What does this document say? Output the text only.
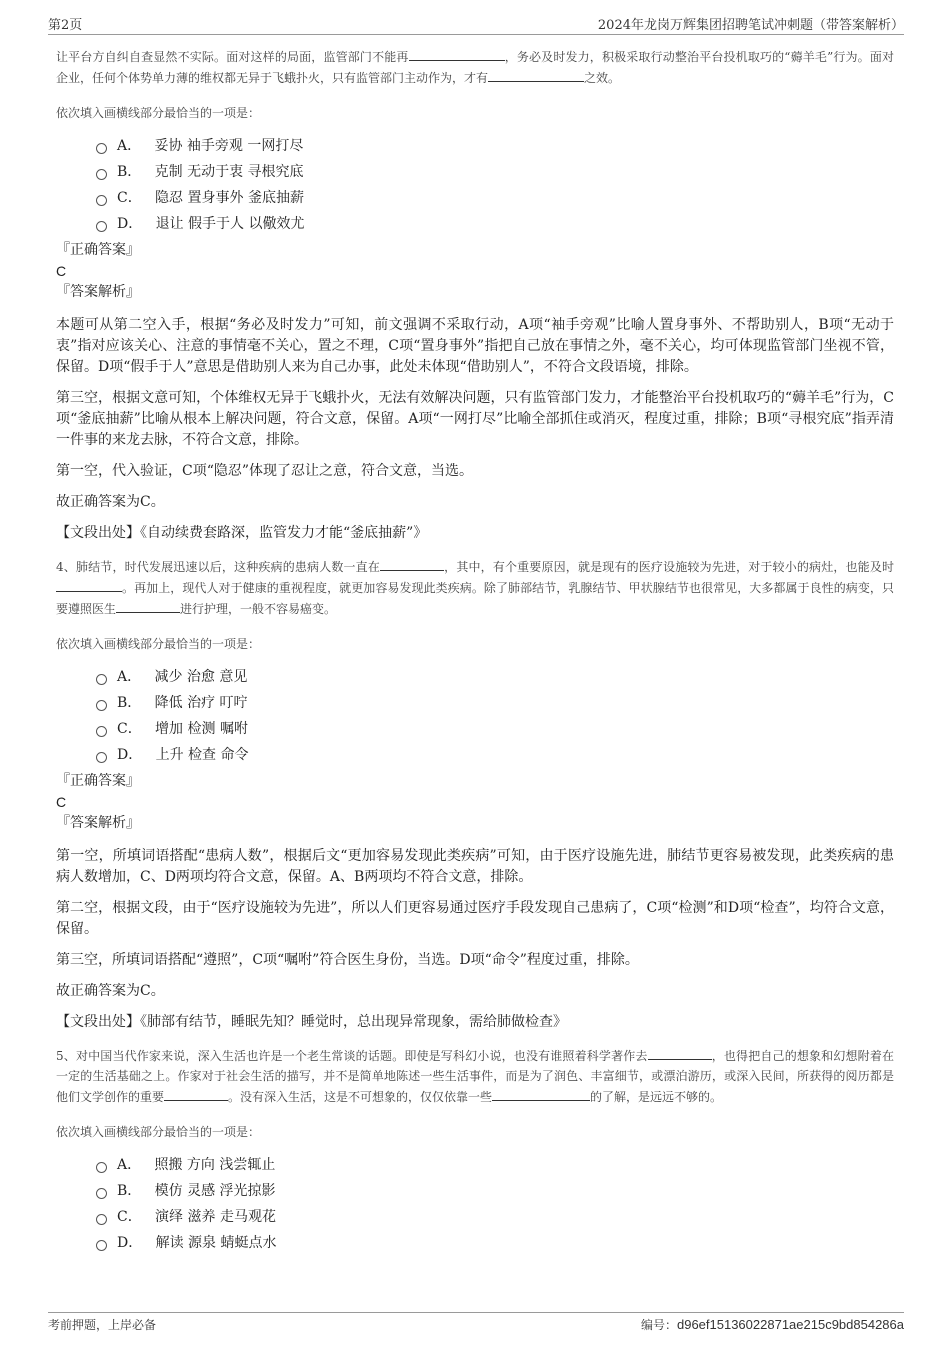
第2页	2024年龙岗万辉集团招聘笔试冲刺题（带答案解析）

让平台方自纠自查显然不实际。面对这样的局面，监管部门不能再	，务必及时发力，积极采取行动整治平台投机取巧的“薅羊毛”行为。面对企业，任何个体势单力薄的维权都无异于飞蛾扑火，只有监管部门主动作为，才有	之效。

依次填入画横线部分最恰当的一项是：
A．   妥协 袖手旁观 一网打尽
B．   克制 无动于衷 寻根究底
C．   隐忍 置身事外 釜底抽薪
D．   退让 假手于人 以儆效尤
『正确答案』
C
『答案解析』

本题可从第二空入手，根据“务必及时发力”可知，前文强调不采取行动，A项“袖手旁观”比喻人置身事外、不帮助别人，B项“无动于衷”指对应该关心、注意的事情毫不关心，置之不理，C项“置身事外”指把自己放在事情之外，毫不关心，均可体现监管部门坐视不管，保留。D项“假手于人”意思是借助别人来为自己办事，此处未体现“借助别人”，不符合文段语境，排除。

第三空，根据文意可知，个体维权无异于飞蛾扑火，无法有效解决问题，只有监管部门发力，才能整治平台投机取巧的“薅羊毛”行为，C项“釜底抽薪”比喻从根本上解决问题，符合文意，保留。A项“一网打尽”比喻全部抓住或消灭，程度过重，排除；B项“寻根究底”指弄清一件事的来龙去脉，不符合文意，排除。

第一空，代入验证，C项“隐忍”体现了忍让之意，符合文意，当选。

故正确答案为C。

【文段出处】《自动续费套路深，监管发力才能“釜底抽薪”》

4、肺结节，时代发展迅速以后，这种疾病的患病人数一直在	，其中，有个重要原因，就是现有的医疗设施较为先进，对于较小的病灶，也能及时。再加上，现代人对于健康的重视程度，就更加容易发现此类疾病。除了肺部结节，乳腺结节、甲状腺结节也很常见，大多都属于良性的病变，只要遵照医生	进行护理，一般不容易癌变。

依次填入画横线部分最恰当的一项是：
A．   减少 治愈 意见
B．   降低 治疗 叮咛
C．   增加 检测 嘱咐
D．   上升 检查 命令
『正确答案』
C
『答案解析』

第一空，所填词语搭配“患病人数”，根据后文“更加容易发现此类疾病”可知，由于医疗设施先进，肺结节更容易被发现，此类疾病的患病人数增加，C、D两项均符合文意，保留。A、B两项均不符合文意，排除。

第二空，根据文段，由于“医疗设施较为先进”，所以人们更容易通过医疗手段发现自己患病了，C项“检测”和D项“检查”，均符合文意，保留。

第三空，所填词语搭配“遵照”，C项“嘱咐”符合医生身份，当选。D项“命令”程度过重，排除。

故正确答案为C。

【文段出处】《肺部有结节，睡眠先知？睡觉时，总出现异常现象，需给肺做检查》

5、对中国当代作家来说，深入生活也许是一个老生常谈的话题。即使是写科幻小说，也没有谁照着科学著作去	，也得把自己的想象和幻想附着在一定的生活基础之上。作家对于社会生活的描写，并不是简单地陈述一些生活事件，而是为了润色、丰富细节，或漂泊游历，或深入民间，所获得的阅历都是他们文学创作的重要	。没有深入生活，这是不可想象的，仅仅依靠一些	的了解，是远远不够的。

依次填入画横线部分最恰当的一项是：
A．   照搬 方向 浅尝辄止
B．   模仿 灵感 浮光掠影
C．   演绎 滋养 走马观花
D．   解读 源泉 蜻蜓点水
考前押题，上岸必备	编号：d96ef15136022871ae215c9bd854286a
